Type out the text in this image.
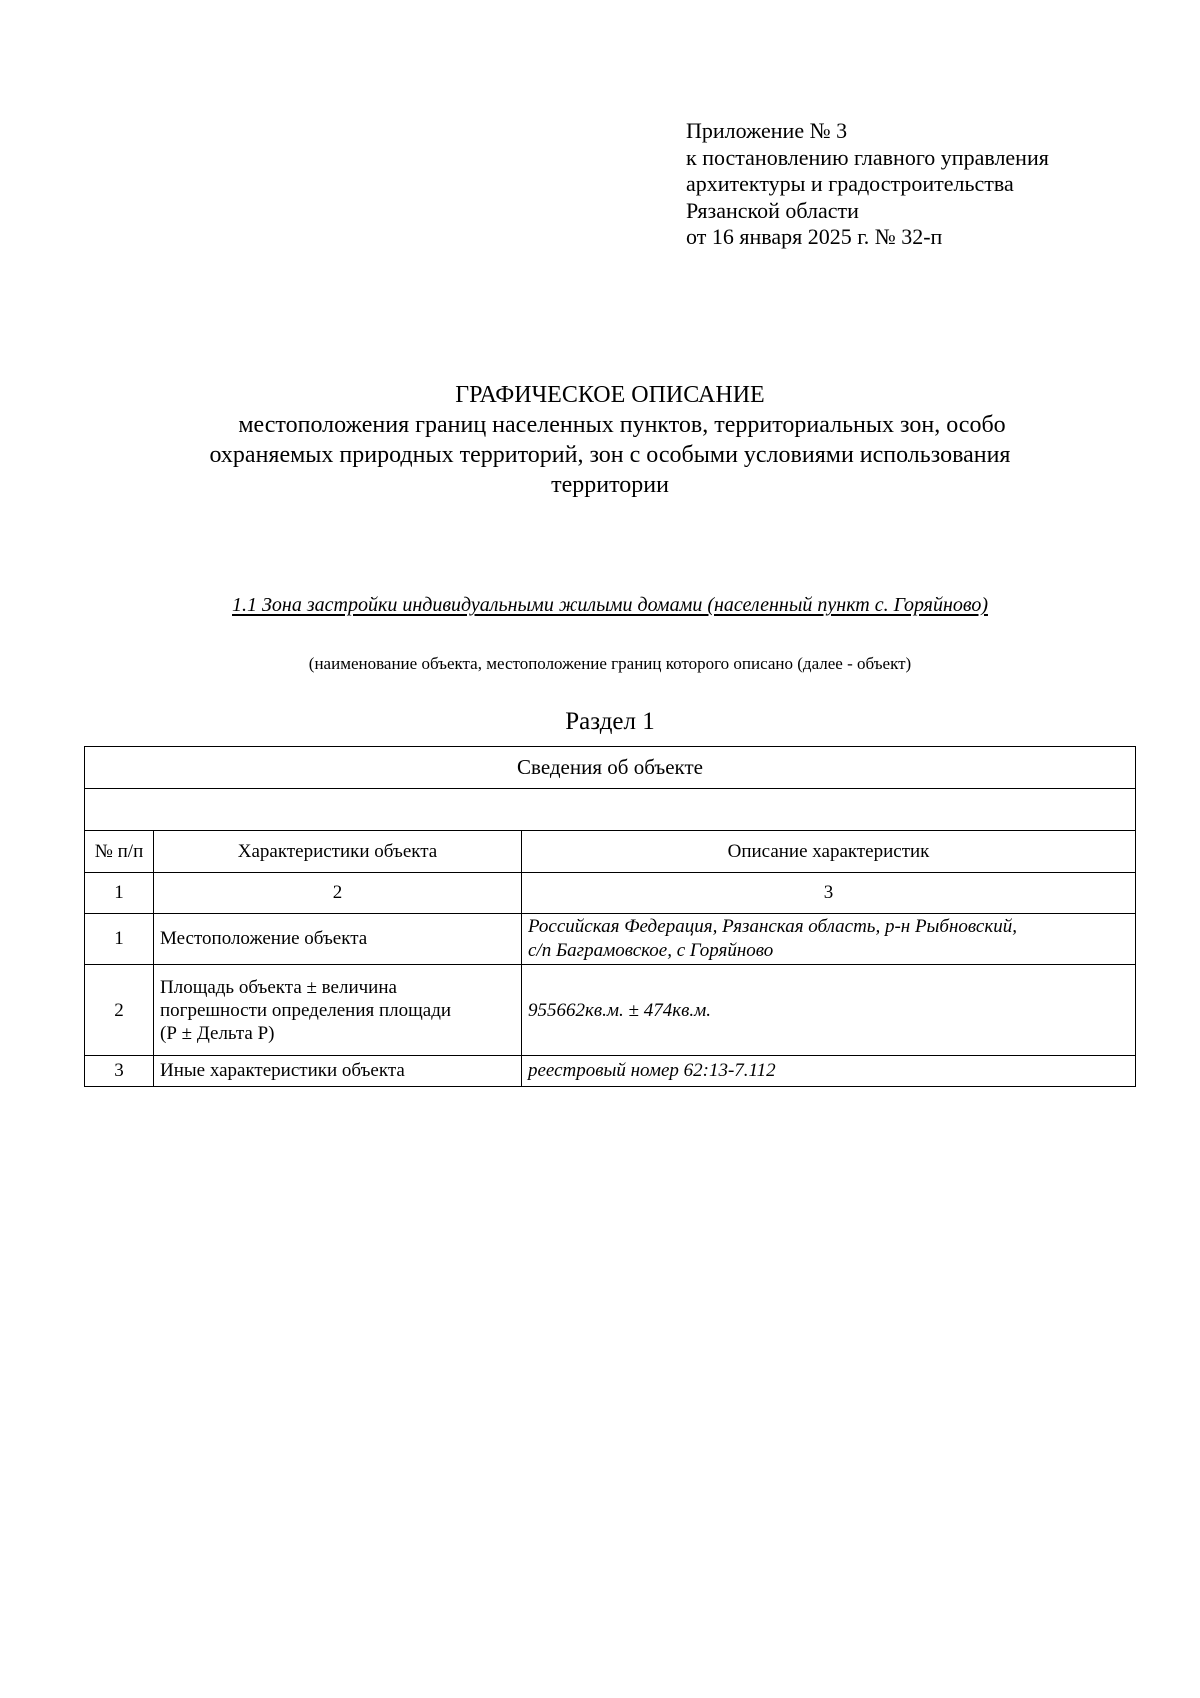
Приложение № 3
к постановлению главного управления
архитектуры и градостроительства
Рязанской области
от 16 января 2025 г. № 32-п
ГРАФИЧЕСКОЕ ОПИСАНИЕ
местоположения границ населенных пунктов, территориальных зон, особо
охраняемых природных территорий, зон с особыми условиями использования
территории
1.1 Зона застройки индивидуальными жилыми домами (населенный пункт с. Горяйново)
(наименование объекта, местоположение границ которого описано (далее - объект)
Раздел 1
Сведения об объекте		

№ п/п	Характеристики объекта	Описание характеристик
1	2	3
1	Местоположение объекта	Российская Федерация, Рязанская область, р-н Рыбновский,
с/п Баграмовское, с Горяйново

2	Площадь объекта ± величина
погрешности определения площади
(Р ± Дельта Р)	955662кв.м. ± 474кв.м.
3	Иные характеристики объекта	реестровый номер 62:13-7.112
